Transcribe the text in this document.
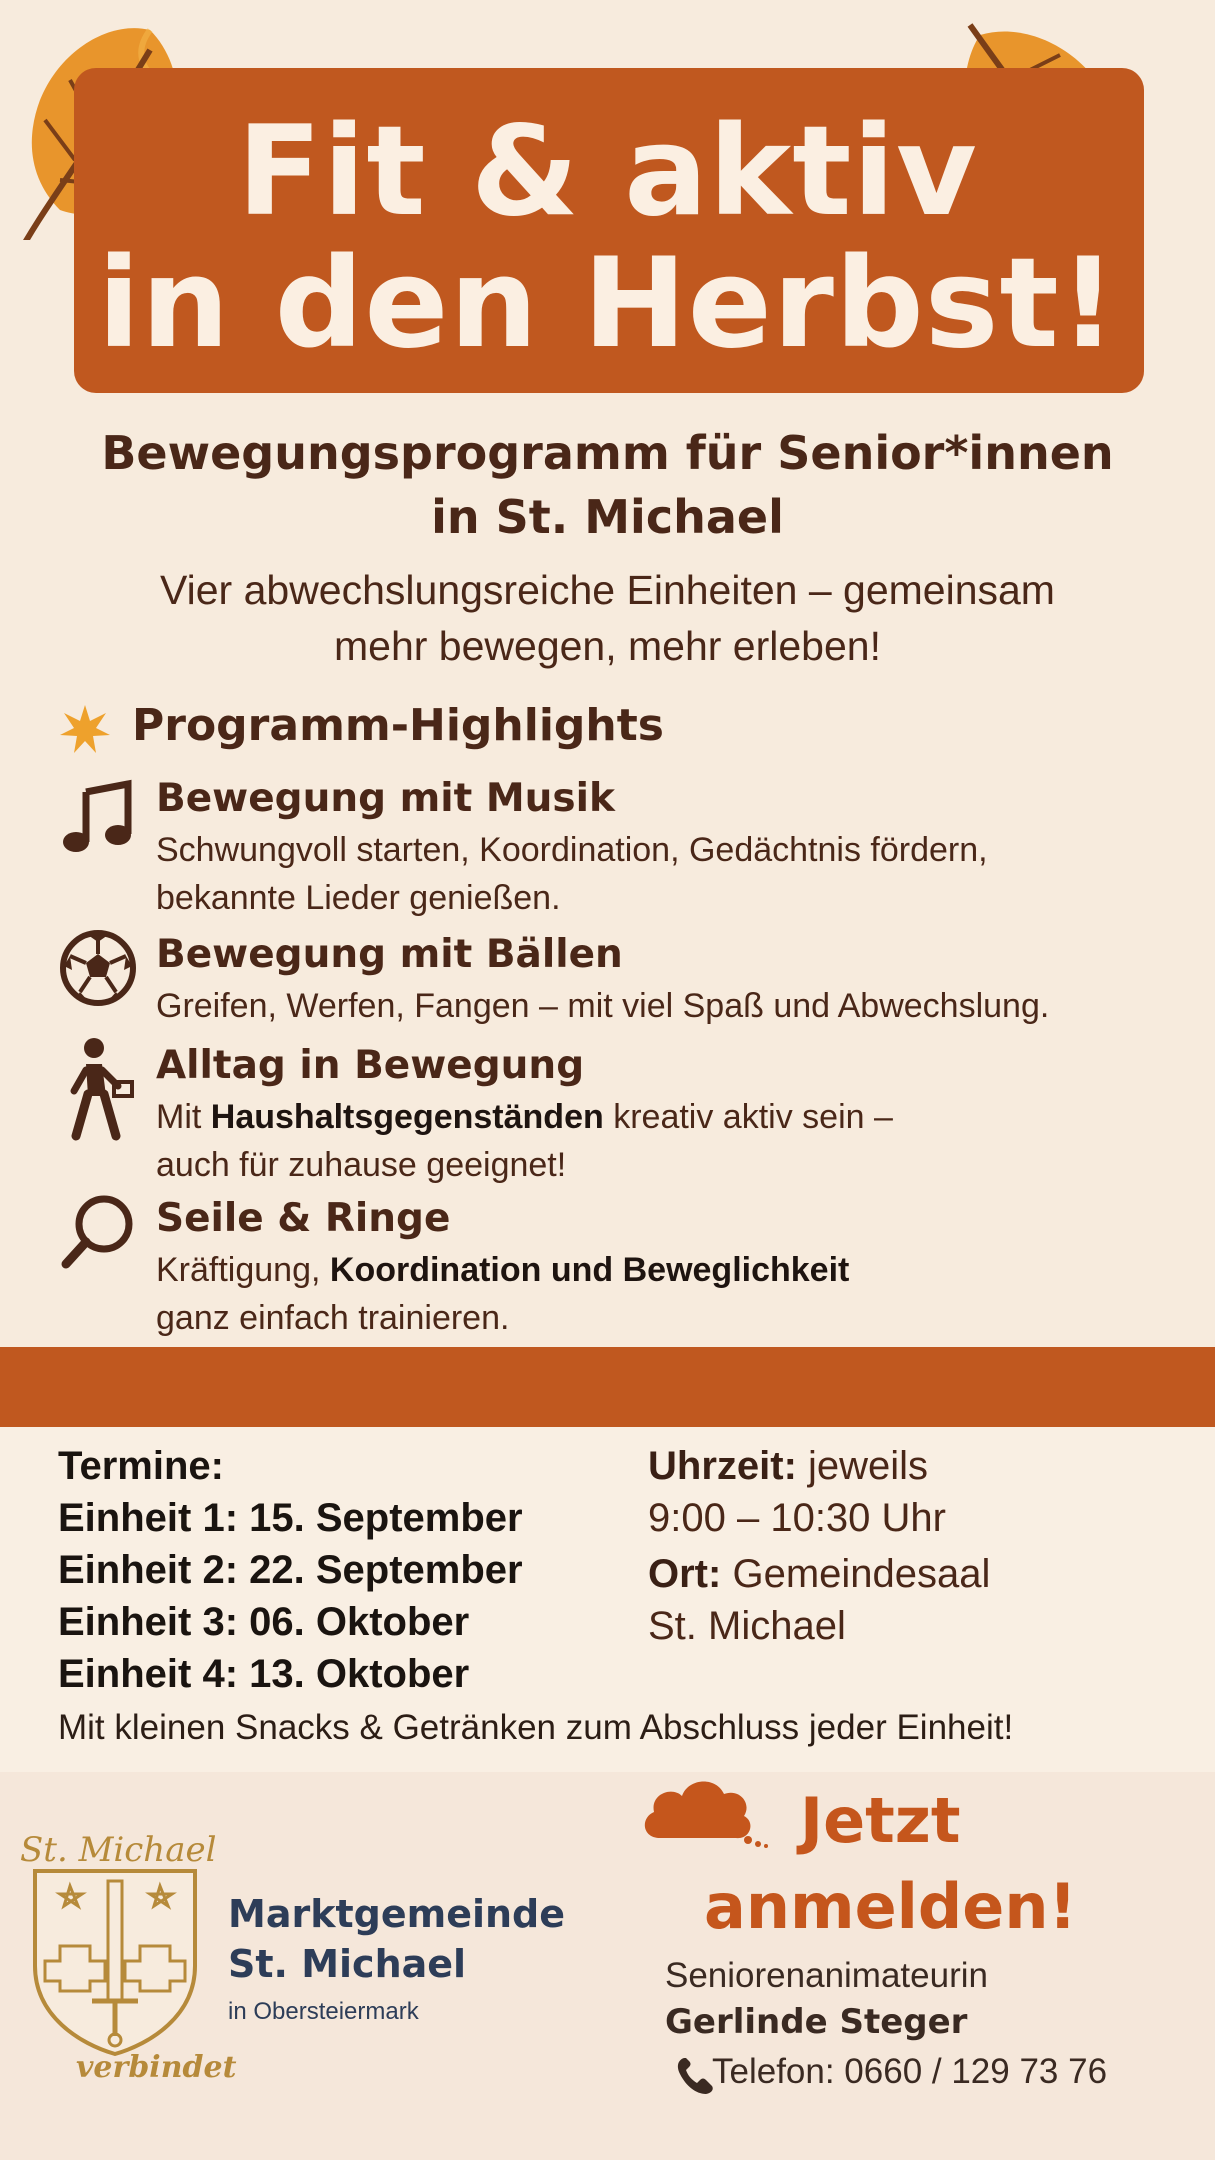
Fit & aktiv
in den Herbst!
Bewegungsprogramm für Senior*innen
in St. Michael
Vier abwechslungsreiche Einheiten – gemeinsam
mehr bewegen, mehr erleben!
Programm-Highlights
Bewegung mit Musik
Schwungvoll starten, Koordination, Gedächtnis fördern,
bekannte Lieder genießen.
Bewegung mit Bällen
Greifen, Werfen, Fangen – mit viel Spaß und Abwechslung.
Alltag in Bewegung
Mit Haushaltsgegenständen kreativ aktiv sein –
auch für zuhause geeignet!
Seile & Ringe
Kräftigung, Koordination und Beweglichkeit
ganz einfach trainieren.
Termine:
Einheit 1: 15. September
Einheit 2: 22. September
Einheit 3: 06. Oktober
Einheit 4: 13. Oktober
Uhrzeit: jeweils
9:00 – 10:30 Uhr
Ort: Gemeindesaal
St. Michael
Mit kleinen Snacks & Getränken zum Abschluss jeder Einheit!
St. Michael
verbindet
Marktgemeinde
St. Michael
in Obersteiermark
Jetzt
anmelden!
Seniorenanimateurin
Gerlinde Steger
Telefon: 0660 / 129 73 76
